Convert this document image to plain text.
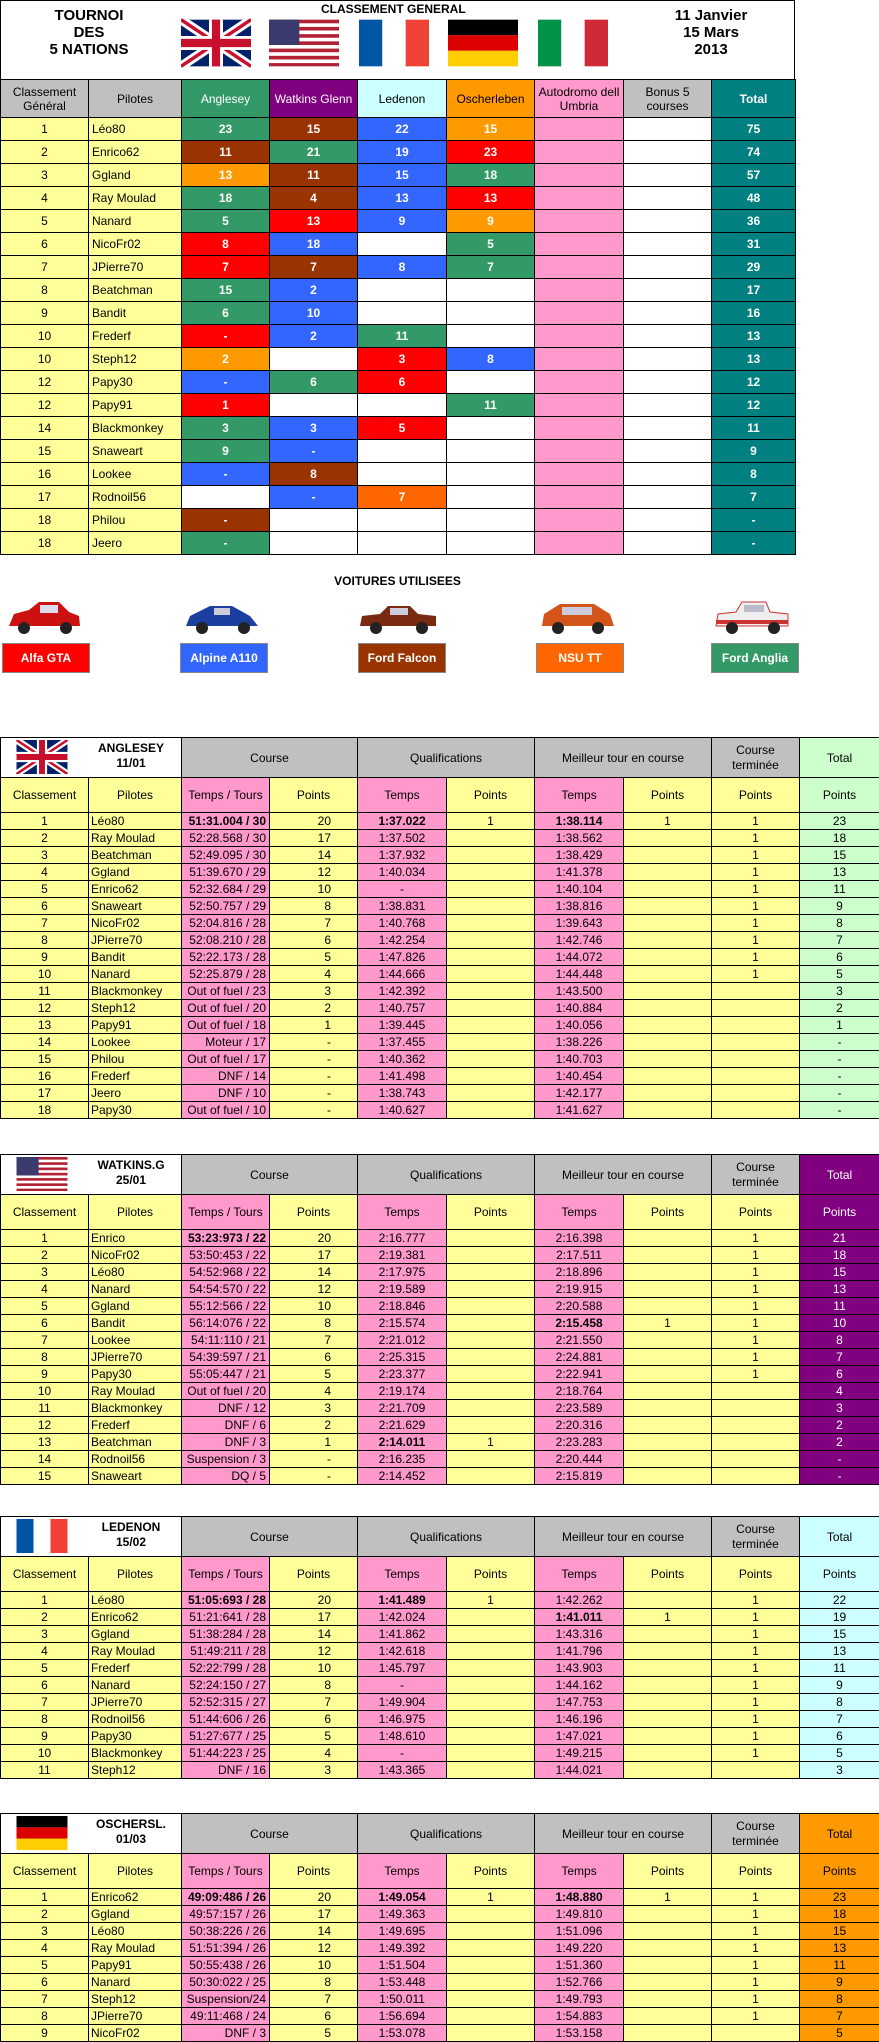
TOURNOI
DES
5 NATIONS
CLASSEMENT GENERAL	11 Janvier
15 Mars
2013
Classement Général	Pilotes	Anglesey	Watkins Glenn	Ledenon	Oscherleben	Autodromo dell Umbria	Bonus 5 courses	Total
1	Léo80	23	15	22	15			75
2	Enrico62	11	21	19	23			74
3	Ggland	13	11	15	18			57
4	Ray Moulad	18	4	13	13			48
5	Nanard	5	13	9	9			36
6	NicoFr02	8	18		5			31
7	JPierre70	7	7	8	7			29
8	Beatchman	15	2					17
9	Bandit	6	10					16
10	Frederf	-	2	11				13
10	Steph12	2		3	8			13
12	Papy30	-	6	6				12
12	Papy91	1			11			12
14	Blackmonkey	3	3	5				11
15	Snaweart	9	-					9
16	Lookee	-	8					8
17	Rodnoil56		-	7				7
18	Philou	-						-
18	Jeero	-						-
VOITURES UTILISEES
Alfa GTA	Alpine A110	Ford Falcon	NSU TT	Ford Anglia
ANGLESEY
11/01		Course		Qualifications		Meilleur tour en course		Course terminée	Total
Classement	Pilotes	Temps / Tours	Points	Temps	Points	Temps	Points	Points	Points
1	Léo80	51:31.004 / 30	20	1:37.022	1	1:38.114	1	1	23
2	Ray Moulad	52:28.568 / 30	17	1:37.502		1:38.562		1	18
3	Beatchman	52:49.095 / 30	14	1:37.932		1:38.429		1	15
4	Ggland	51:39.670 / 29	12	1:40.034		1:41.378		1	13
5	Enrico62	52:32.684 / 29	10	-		1:40.104		1	11
6	Snaweart	52:50.757 / 29	8	1:38.831		1:38.816		1	9
7	NicoFr02	52:04.816 / 28	7	1:40.768		1:39.643		1	8
8	JPierre70	52:08.210 / 28	6	1:42.254		1:42.746		1	7
9	Bandit	52:22.173 / 28	5	1:47.826		1:44.072		1	6
10	Nanard	52:25.879 / 28	4	1:44.666		1:44.448		1	5
11	Blackmonkey	Out of fuel / 23	3	1:42.392		1:43.500			3
12	Steph12	Out of fuel / 20	2	1:40.757		1:40.884			2
13	Papy91	Out of fuel / 18	1	1:39.445		1:40.056			1
14	Lookee	Moteur / 17	-	1:37.455		1:38.226			-
15	Philou	Out of fuel / 17	-	1:40.362		1:40.703			-
16	Frederf	DNF / 14	-	1:41.498		1:40.454			-
17	Jeero	DNF / 10	-	1:38.743		1:42.177			-
18	Papy30	Out of fuel / 10	-	1:40.627		1:41.627			-
WATKINS.G
25/01		Course		Qualifications		Meilleur tour en course		Course terminée	Total
Classement	Pilotes	Temps / Tours	Points	Temps	Points	Temps	Points	Points	Points
1	Enrico	53:23:973 / 22	20	2:16.777		2:16.398		1	21
2	NicoFr02	53:50:453 / 22	17	2:19.381		2:17.511		1	18
3	Léo80	54:52:968 / 22	14	2:17.975		2:18.896		1	15
4	Nanard	54:54:570 / 22	12	2:19.589		2:19.915		1	13
5	Ggland	55:12:566 / 22	10	2:18.846		2:20.588		1	11
6	Bandit	56:14:076 / 22	8	2:15.574		2:15.458	1	1	10
7	Lookee	54:11:110 / 21	7	2:21.012		2:21.550		1	8
8	JPierre70	54:39:597 / 21	6	2:25.315		2:24.881		1	7
9	Papy30	55:05:447 / 21	5	2:23.377		2:22.941		1	6
10	Ray Moulad	Out of fuel / 20	4	2:19.174		2:18.764			4
11	Blackmonkey	DNF / 12	3	2:21.709		2:23.589			3
12	Frederf	DNF / 6	2	2:21.629		2:20.316			2
13	Beatchman	DNF / 3	1	2:14.011	1	2:23.283			2
14	Rodnoil56	Suspension / 3	-	2:16.235		2:20.444			-
15	Snaweart	DQ / 5	-	2:14.452		2:15.819			-
LEDENON
15/02		Course		Qualifications		Meilleur tour en course		Course terminée	Total
Classement	Pilotes	Temps / Tours	Points	Temps	Points	Temps	Points	Points	Points
1	Léo80	51:05:693 / 28	20	1:41.489	1	1:42.262		1	22
2	Enrico62	51:21:641 / 28	17	1:42.024		1:41.011	1	1	19
3	Ggland	51:38:284 / 28	14	1:41.862		1:43.316		1	15
4	Ray Moulad	51:49:211 / 28	12	1:42.618		1:41.796		1	13
5	Frederf	52:22:799 / 28	10	1:45.797		1:43.903		1	11
6	Nanard	52:24:150 / 27	8	-		1:44.162		1	9
7	JPierre70	52:52:315 / 27	7	1:49.904		1:47.753		1	8
8	Rodnoil56	51:44:606 / 26	6	1:46.975		1:46.196		1	7
9	Papy30	51:27:677 / 25	5	1:48.610		1:47.021		1	6
10	Blackmonkey	51:44:223 / 25	4	-		1:49.215		1	5
11	Steph12	DNF / 16	3	1:43.365		1:44.021			3
OSCHERSL.
01/03		Course		Qualifications		Meilleur tour en course		Course terminée	Total
Classement	Pilotes	Temps / Tours	Points	Temps	Points	Temps	Points	Points	Points
1	Enrico62	49:09:486 / 26	20	1:49.054	1	1:48.880	1	1	23
2	Ggland	49:57:157 / 26	17	1:49.363		1:49.810		1	18
3	Léo80	50:38:226 / 26	14	1:49.695		1:51.096		1	15
4	Ray Moulad	51:51:394 / 26	12	1:49.392		1:49.220		1	13
5	Papy91	50:55:438 / 26	10	1:51.504		1:51.360		1	11
6	Nanard	50:30:022 / 25	8	1:53.448		1:52.766		1	9
7	Steph12	Suspension/24	7	1:50.011		1:49.793		1	8
8	JPierre70	49:11:468 / 24	6	1:56.694		1:54.883		1	7
9	NicoFr02	DNF / 3	5	1:53.078		1:53.158			5
